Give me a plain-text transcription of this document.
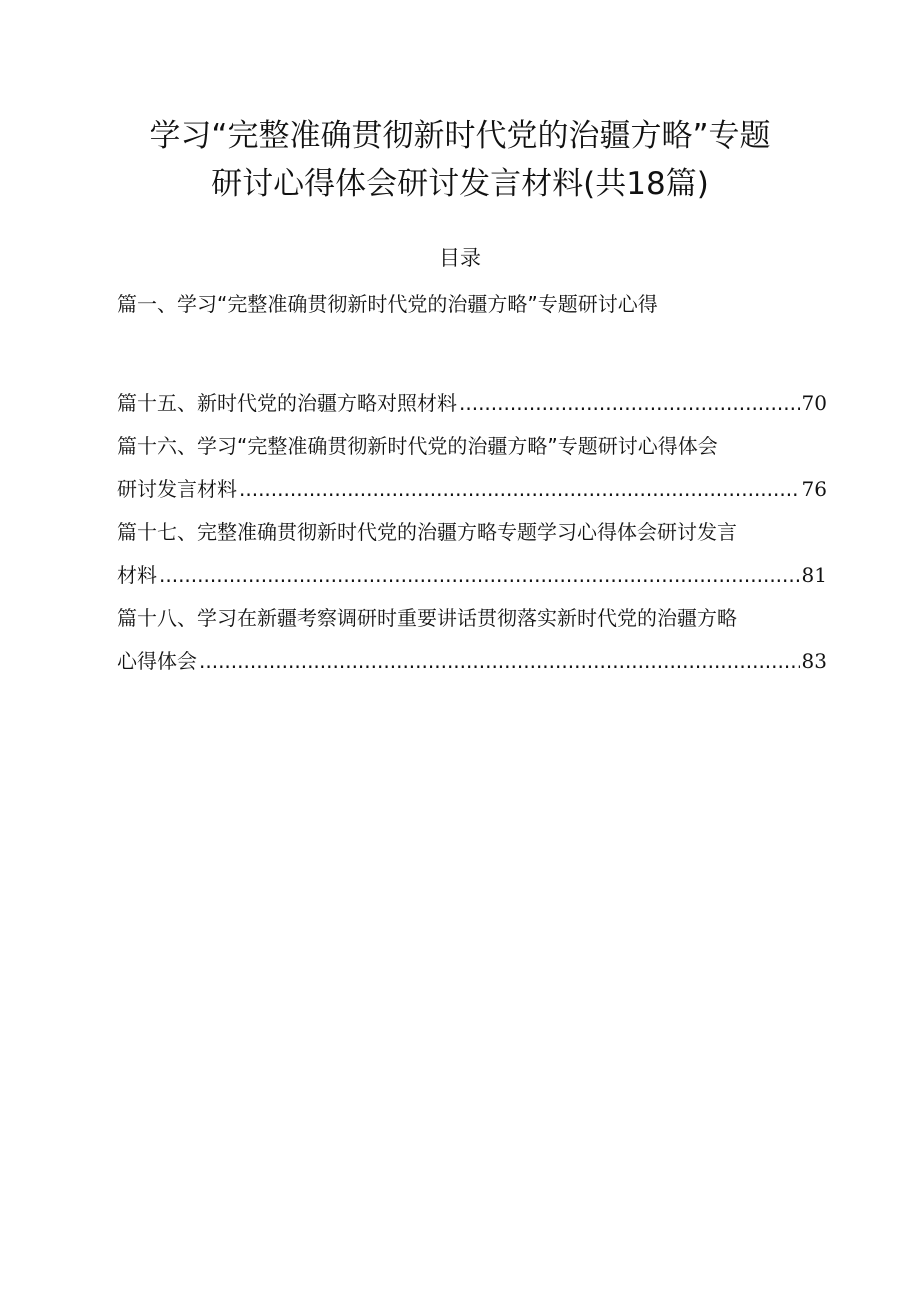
学习“完整准确贯彻新时代党的治疆方略”专题
研讨心得体会研讨发言材料(共18篇)
目录
篇一、学习“完整准确贯彻新时代党的治疆方略”专题研讨心得
篇十五、新时代党的治疆方略对照材料 .....	70
篇十六、学习“完整准确贯彻新时代党的治疆方略”专题研讨心得体会
研讨发言材料 .....	76
篇十七、完整准确贯彻新时代党的治疆方略专题学习心得体会研讨发言
材料 .....	81
篇十八、学习在新疆考察调研时重要讲话贯彻落实新时代党的治疆方略
心得体会 .....	83
